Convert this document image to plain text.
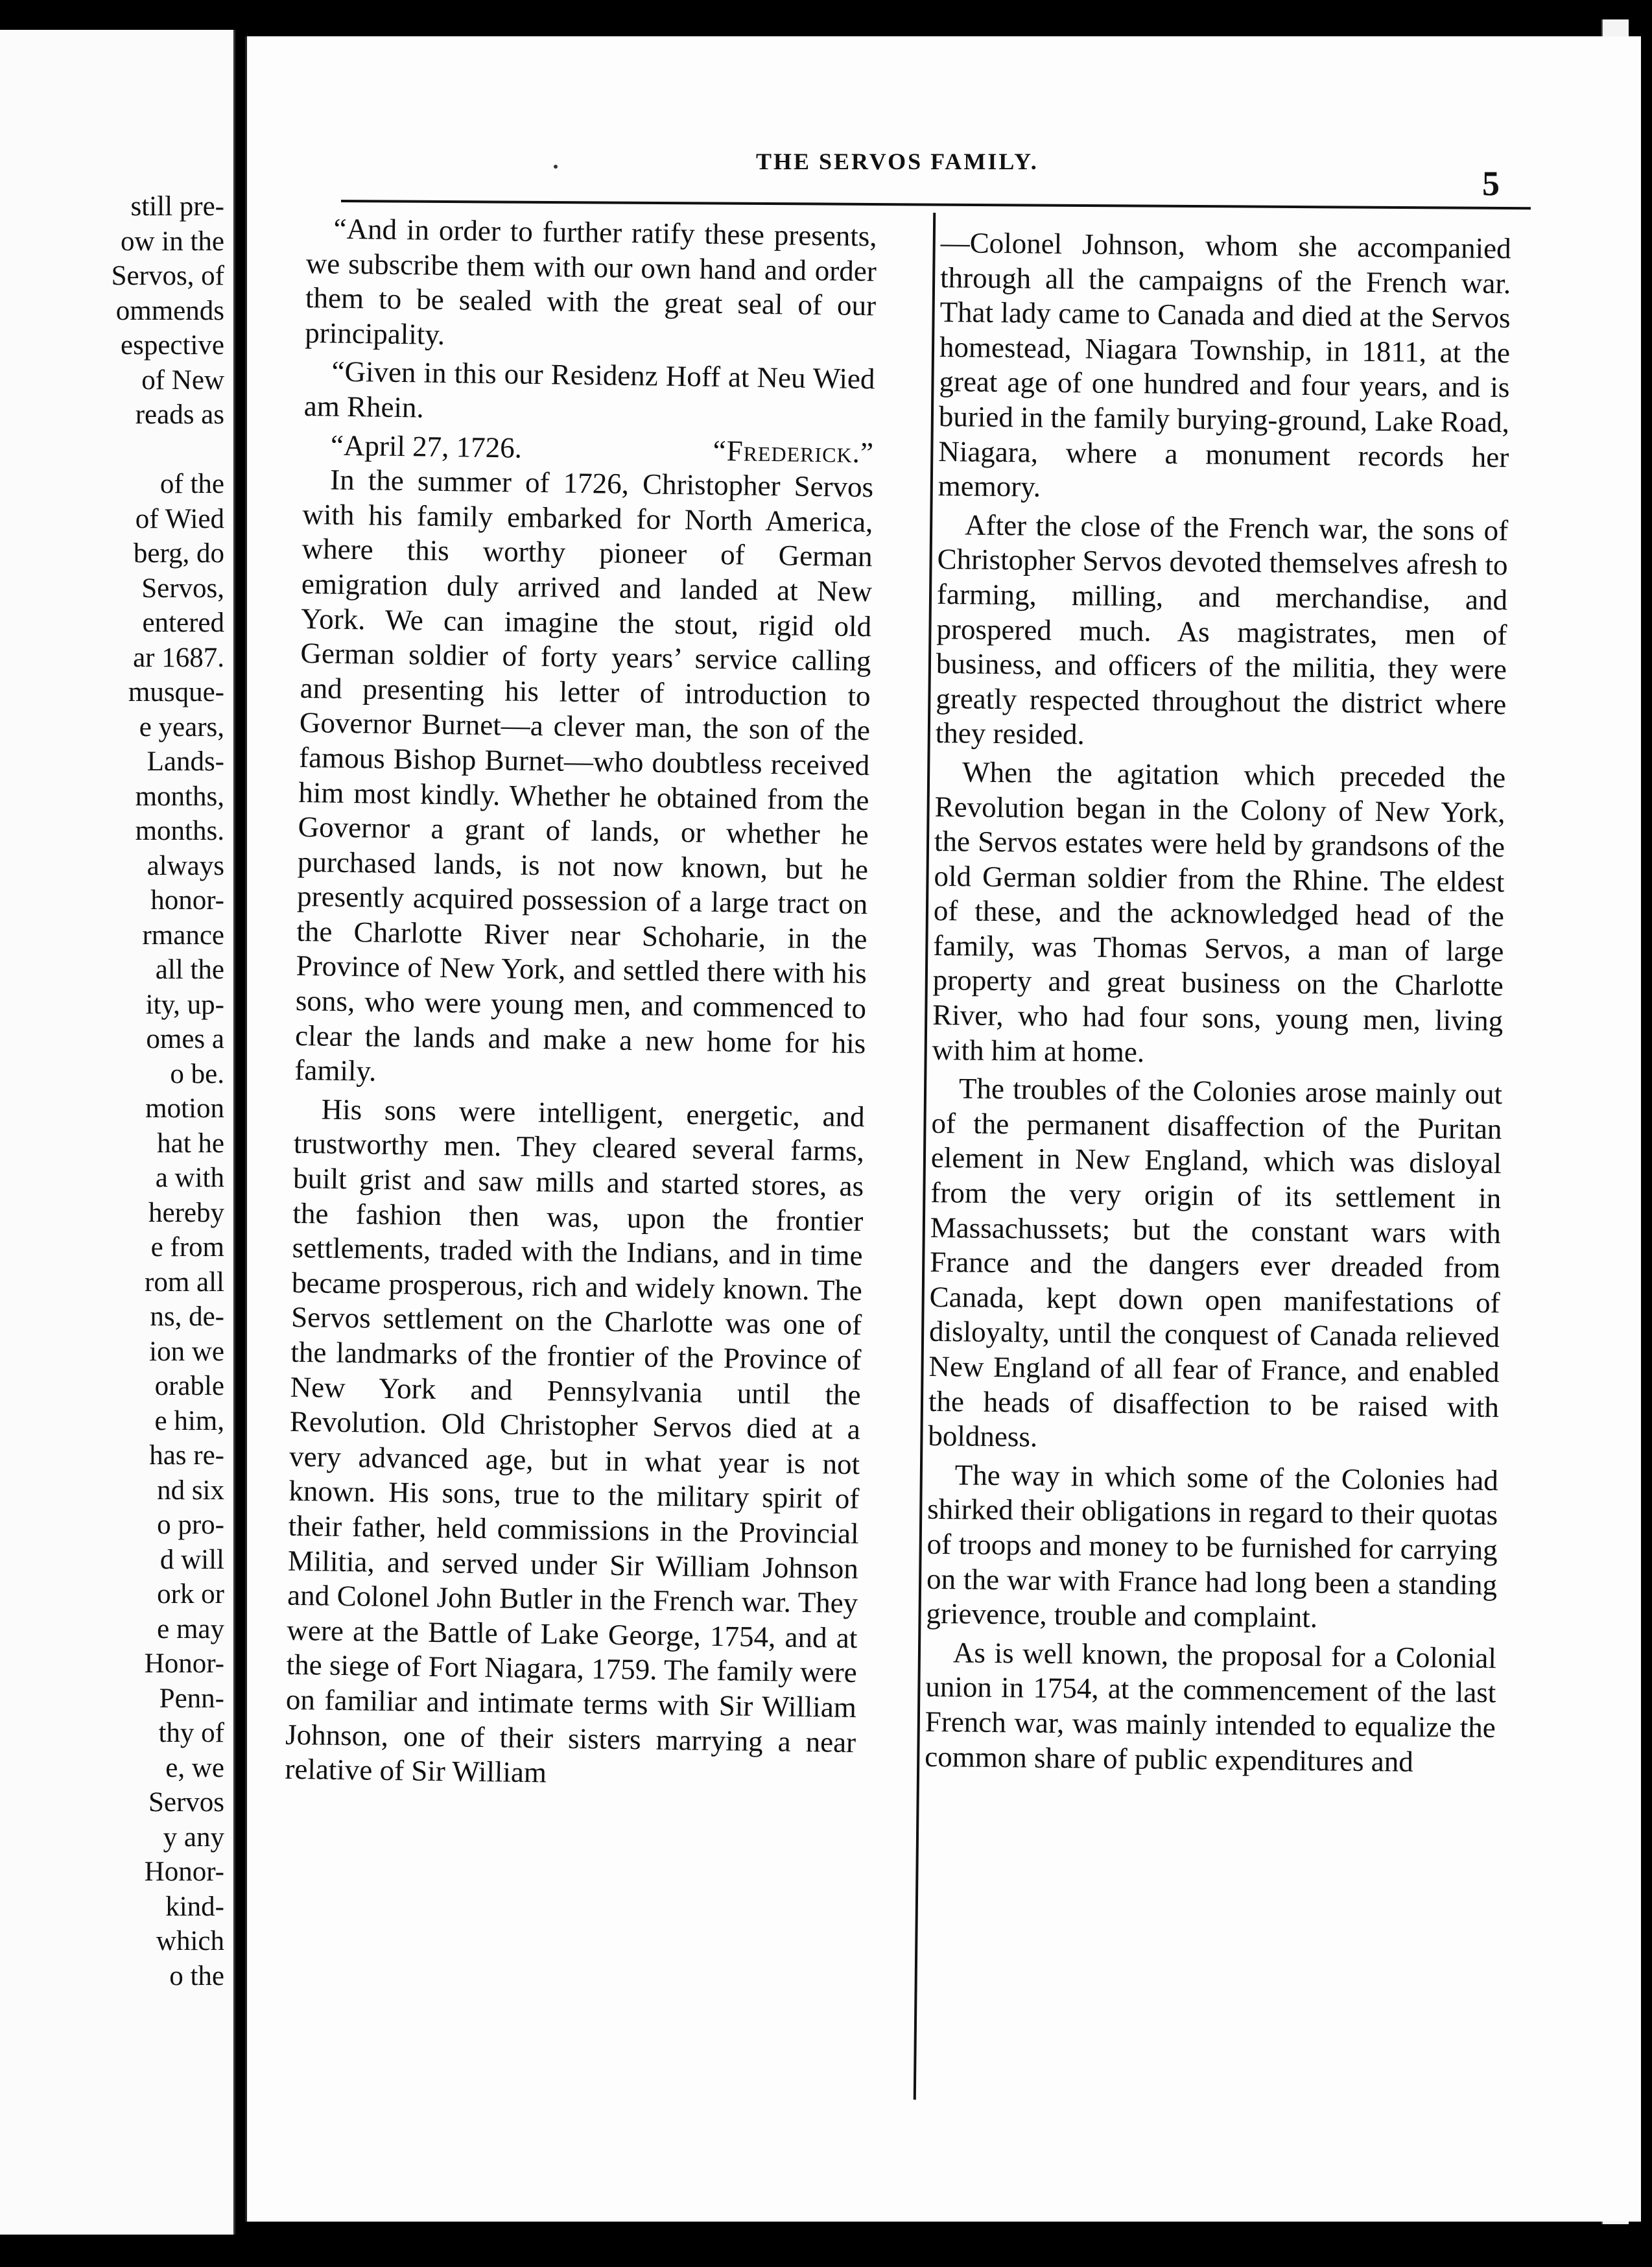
still pre-
ow in the
Servos, of
ommends
espective
of New
reads as
of the
of Wied
berg, do
Servos,
entered
ar 1687.
musque-
e years,
Lands-
months,
months.
always
honor-
rmance
all the
ity, up-
omes a
o be.
motion
hat he
a with
hereby
e from
rom all
ns, de-
ion we
orable
e him,
has re-
nd six
o pro-
d will
ork or
e may
Honor-
Penn-
thy of
e, we
Servos
y any
Honor-
kind-
which
o the
THE SERVOS FAMILY.
5

“And in order to further ratify these presents, we subscribe them with our own hand and order them to be sealed with the great seal of our principality.

“Given in this our Residenz Hoff at Neu Wied am Rhein.

“April 27, 1726.	“Frederick.”

In the summer of 1726, Christopher Servos with his family embarked for North America, where this worthy pioneer of German emigration duly arrived and landed at New York. We can imagine the stout, rigid old German soldier of forty years’ service calling and presenting his letter of introduction to Governor Burnet—a clever man, the son of the famous Bishop Burnet—who doubtless received him most kindly. Whether he obtained from the Governor a grant of lands, or whether he purchased lands, is not now known, but he presently acquired possession of a large tract on the Charlotte River near Schoharie, in the Province of New York, and settled there with his sons, who were young men, and commenced to clear the lands and make a new home for his family.

His sons were intelligent, energetic, and trustworthy men. They cleared several farms, built grist and saw mills and started stores, as the fashion then was, upon the frontier settlements, traded with the Indians, and in time became prosperous, rich and widely known. The Servos settlement on the Charlotte was one of the landmarks of the frontier of the Province of New York and Pennsylvania until the Revolution. Old Christopher Servos died at a very advanced age, but in what year is not known. His sons, true to the military spirit of their father, held commissions in the Provincial Militia, and served under Sir William Johnson and Colonel John Butler in the French war. They were at the Battle of Lake George, 1754, and at the siege of Fort Niagara, 1759. The family were on familiar and intimate terms with Sir William Johnson, one of their sisters marrying a near relative of Sir William

—Colonel Johnson, whom she accompanied through all the campaigns of the French war. That lady came to Canada and died at the Servos homestead, Niagara Township, in 1811, at the great age of one hundred and four years, and is buried in the family burying-ground, Lake Road, Niagara, where a monument records her memory.

After the close of the French war, the sons of Christopher Servos devoted themselves afresh to farming, milling, and merchandise, and prospered much. As magistrates, men of business, and officers of the militia, they were greatly respected throughout the district where they resided.

When the agitation which preceded the Revolution began in the Colony of New York, the Servos estates were held by grandsons of the old German soldier from the Rhine. The eldest of these, and the acknowledged head of the family, was Thomas Servos, a man of large property and great business on the Charlotte River, who had four sons, young men, living with him at home.

The troubles of the Colonies arose mainly out of the permanent disaffection of the Puritan element in New England, which was disloyal from the very origin of its settlement in Massachussets; but the constant wars with France and the dangers ever dreaded from Canada, kept down open manifestations of disloyalty, until the conquest of Canada relieved New England of all fear of France, and enabled the heads of disaffection to be raised with boldness.

The way in which some of the Colonies had shirked their obligations in regard to their quotas of troops and money to be furnished for carrying on the war with France had long been a standing grievence, trouble and complaint.

As is well known, the proposal for a Colonial union in 1754, at the commencement of the last French war, was mainly intended to equalize the common share of public expenditures and
